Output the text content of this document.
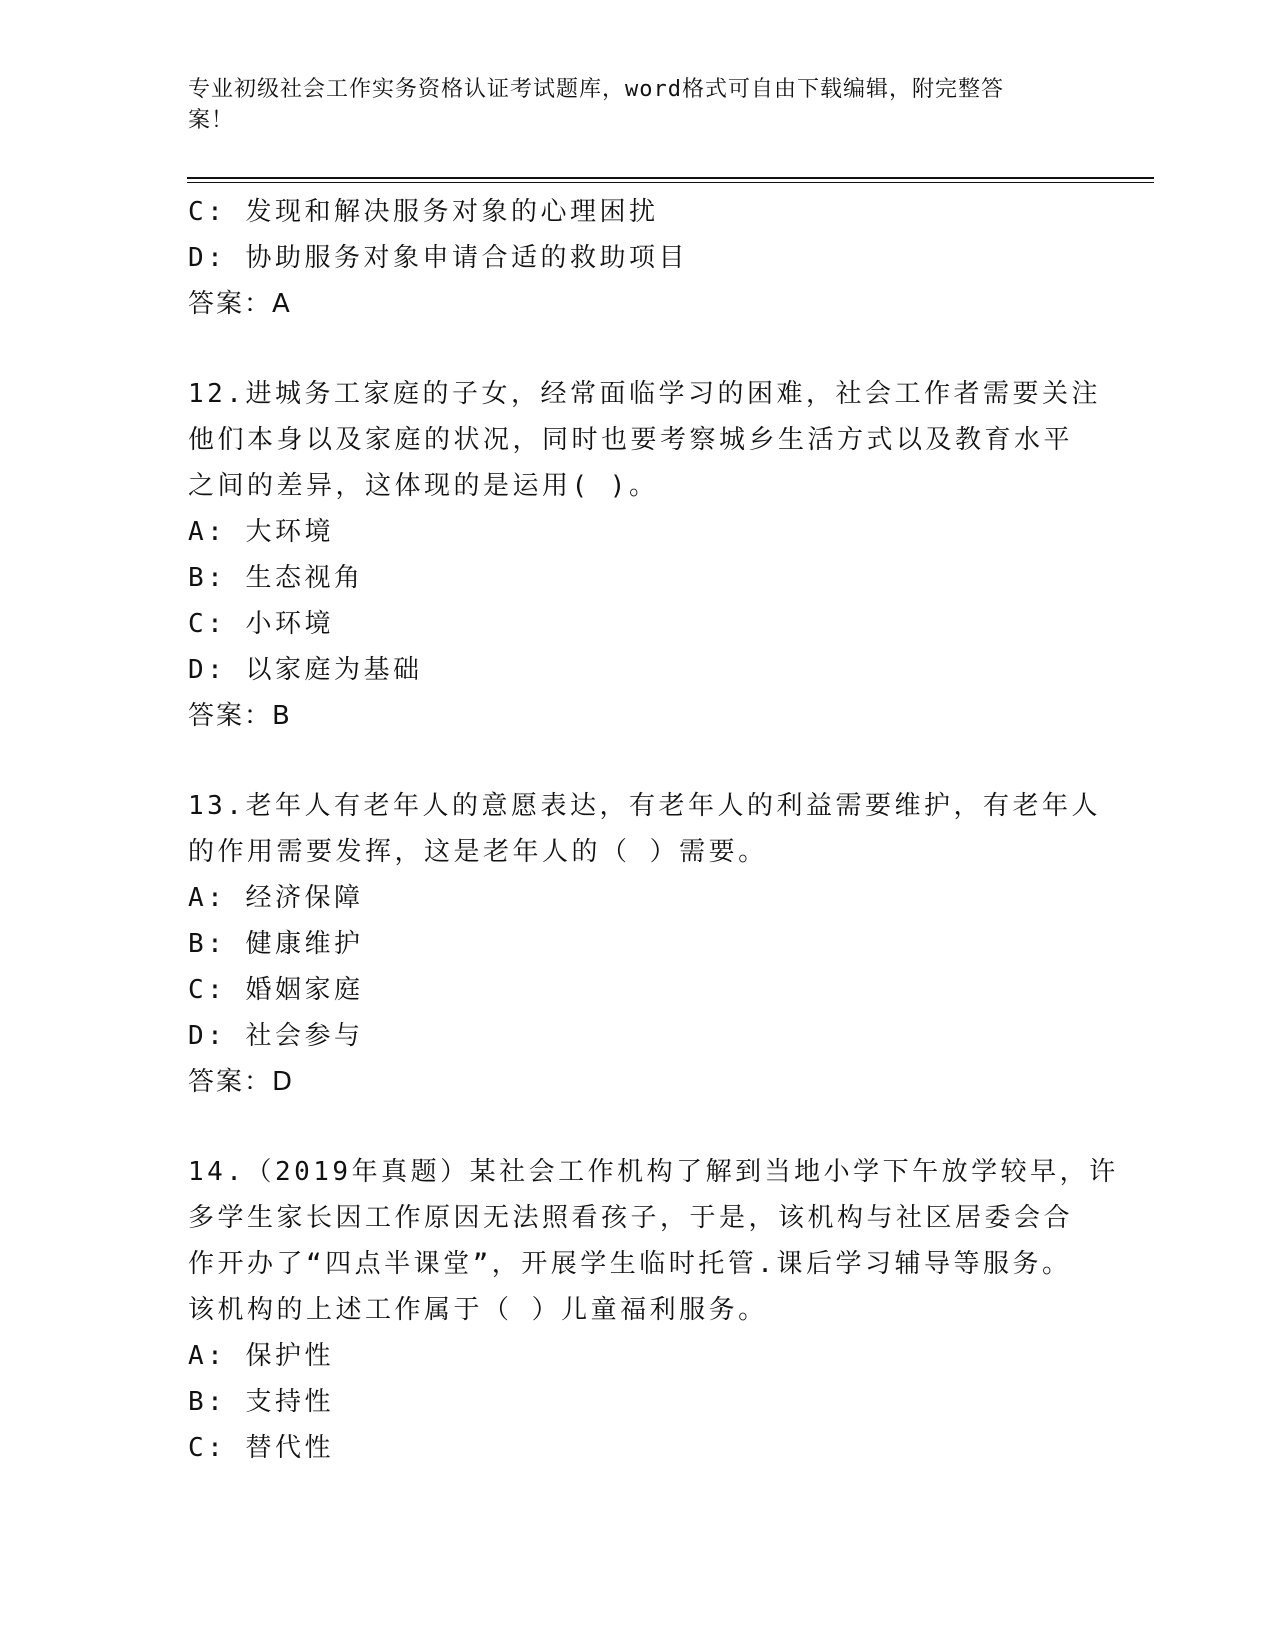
专业初级社会工作实务资格认证考试题库，word格式可自由下载编辑，附完整答
案！
C: 发现和解决服务对象的心理困扰
D: 协助服务对象申请合适的救助项目
答案：A
12.进城务工家庭的子女，经常面临学习的困难，社会工作者需要关注
他们本身以及家庭的状况，同时也要考察城乡生活方式以及教育水平
之间的差异，这体现的是运用( )。
A: 大环境
B: 生态视角
C: 小环境
D: 以家庭为基础
答案：B
13.老年人有老年人的意愿表达，有老年人的利益需要维护，有老年人
的作用需要发挥，这是老年人的（ ）需要。
A: 经济保障
B: 健康维护
C: 婚姻家庭
D: 社会参与
答案：D
14.（2019年真题）某社会工作机构了解到当地小学下午放学较早，许
多学生家长因工作原因无法照看孩子，于是，该机构与社区居委会合
作开办了“四点半课堂”，开展学生临时托管.课后学习辅导等服务。
该机构的上述工作属于（ ）儿童福利服务。
A: 保护性
B: 支持性
C: 替代性
